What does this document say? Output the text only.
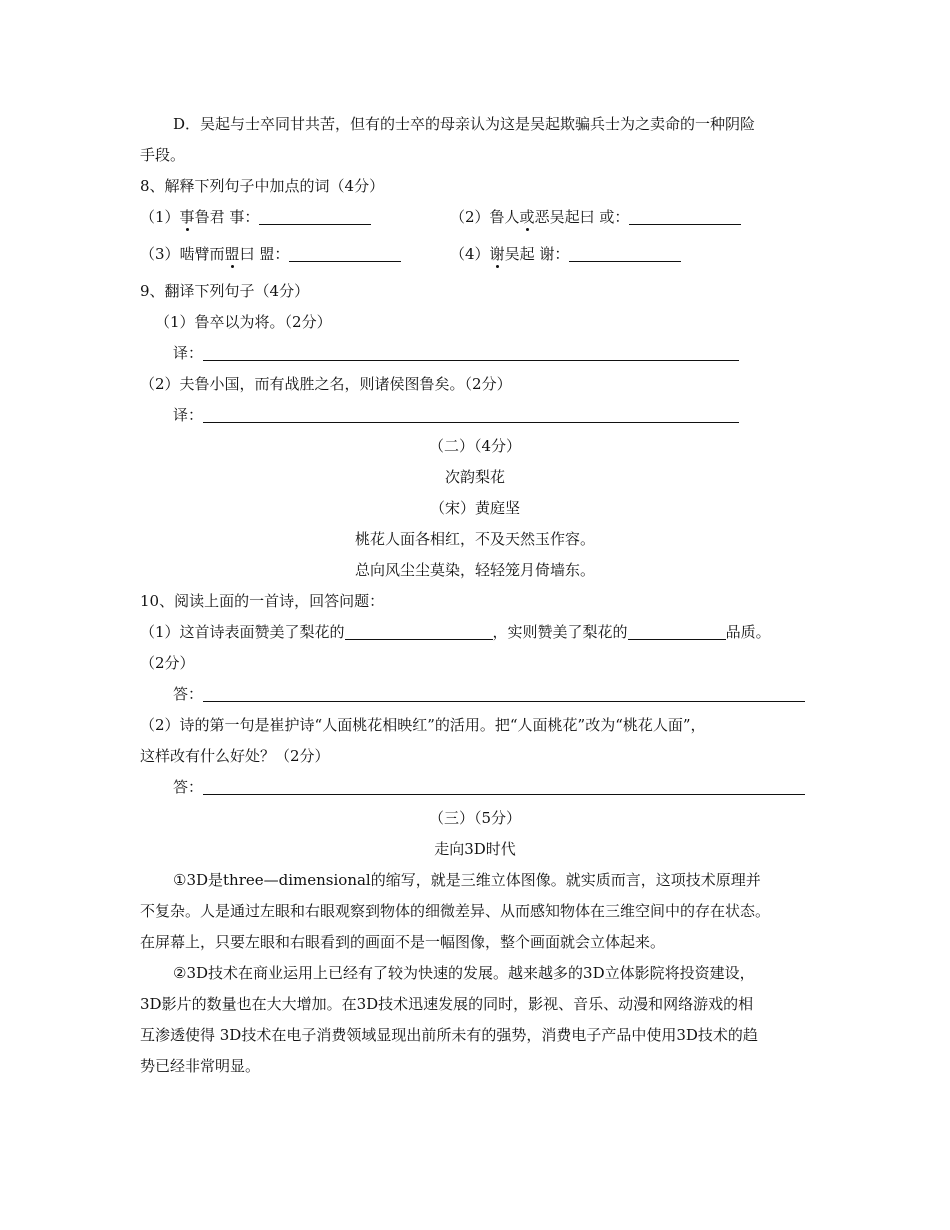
D．吴起与士卒同甘共苦，但有的士卒的母亲认为这是吴起欺骗兵士为之卖命的一种阴险
手段。
8、解释下列句子中加点的词（4分）
（1）事鲁君 事：	（2）鲁人或恶吴起曰 或：
（3）啮臂而盟曰 盟：	（4）谢吴起 谢：
9、翻译下列句子（4分）
（1）鲁卒以为将。（2分）
译：
（2）夫鲁小国，而有战胜之名，则诸侯图鲁矣。（2分）
译：
（二）（4分）
次韵梨花
（宋）黄庭坚
桃花人面各相红，不及天然玉作容。
总向风尘尘莫染，轻轻笼月倚墙东。
10、阅读上面的一首诗，回答问题：
（1）这首诗表面赞美了梨花的	，实则赞美了梨花的	品质。
（2分）
答：
（2）诗的第一句是崔护诗“人面桃花相映红”的活用。把“人面桃花”改为“桃花人面”，
这样改有什么好处？（2分）
答：
（三）（5分）
走向3D时代
①3D是three—dimensional的缩写，就是三维立体图像。就实质而言，这项技术原理并
不复杂。人是通过左眼和右眼观察到物体的细微差异、从而感知物体在三维空间中的存在状态。
在屏幕上，只要左眼和右眼看到的画面不是一幅图像，整个画面就会立体起来。
②3D技术在商业运用上已经有了较为快速的发展。越来越多的3D立体影院将投资建设，
3D影片的数量也在大大增加。在3D技术迅速发展的同时，影视、音乐、动漫和网络游戏的相
互渗透使得 3D技术在电子消费领域显现出前所未有的强势，消费电子产品中使用3D技术的趋
势已经非常明显。
